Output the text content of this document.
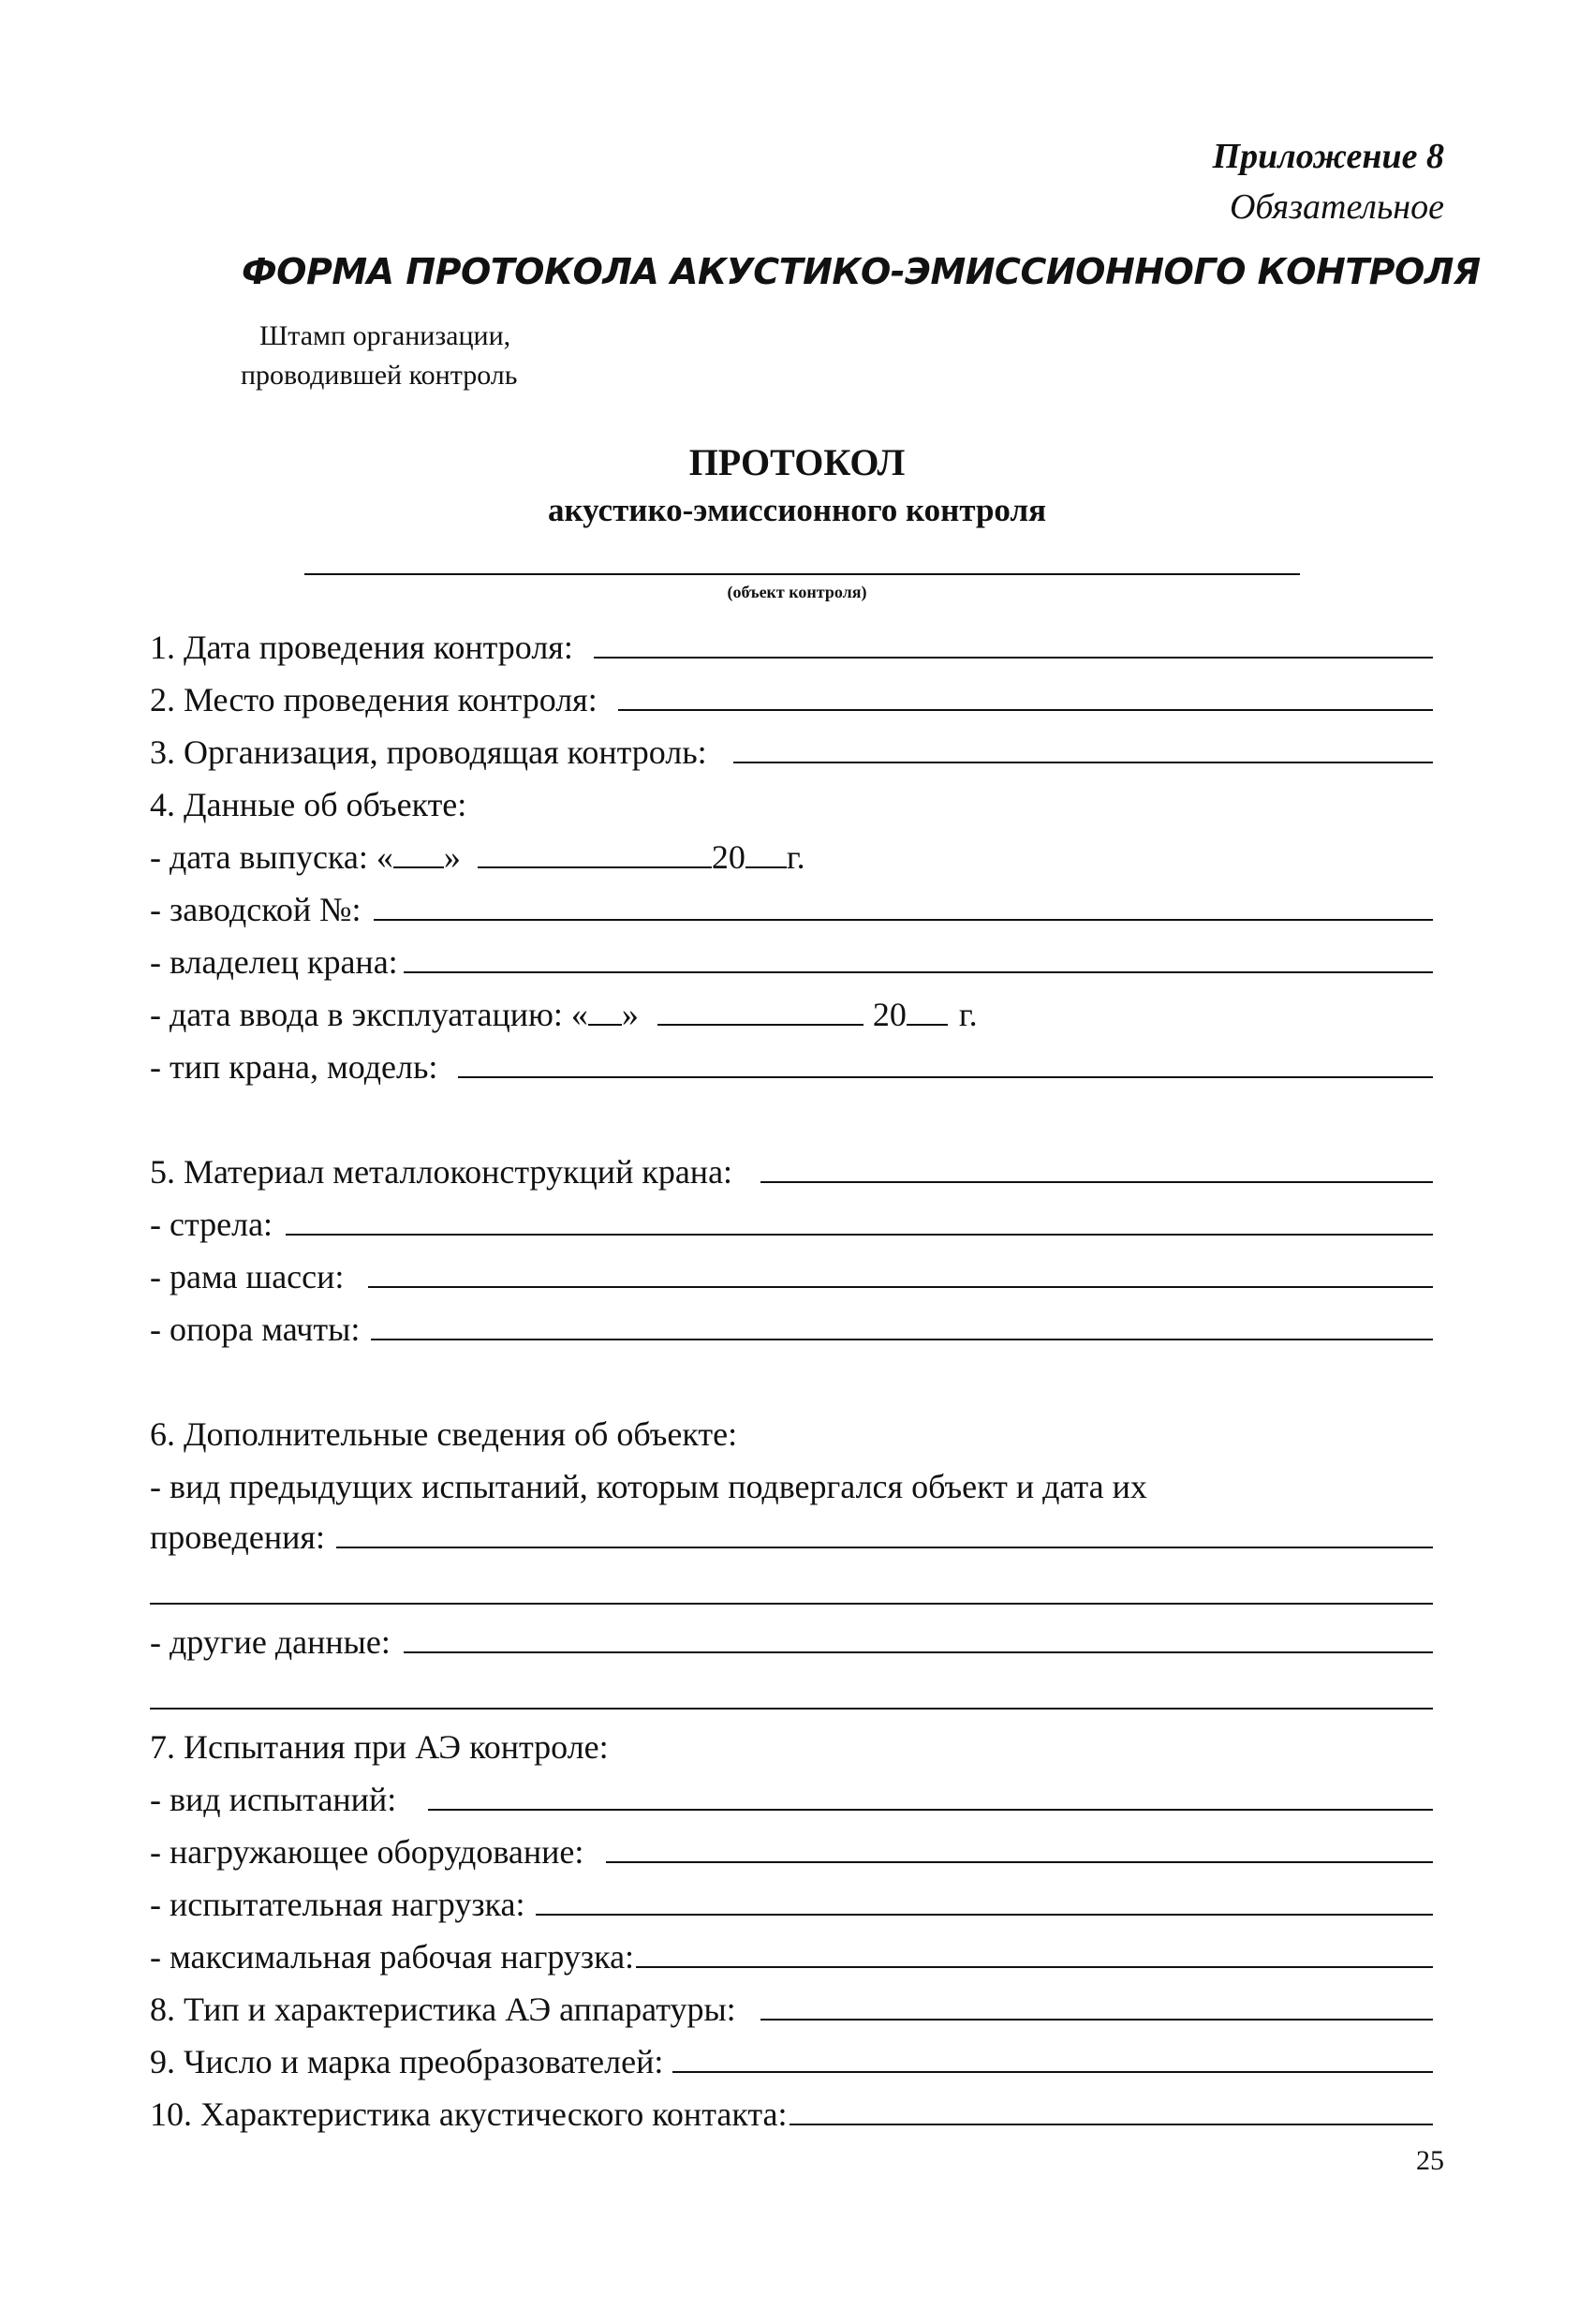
Приложение 8
Обязательное
ФОРМА ПРОТОКОЛА АКУСТИКО-ЭМИССИОННОГО КОНТРОЛЯ
Штамп организации,
проводившей контроль
ПРОТОКОЛ
акустико-эмиссионного контроля
(объект контроля)
1. Дата проведения контроля:
2. Место проведения контроля:
3. Организация, проводящая контроль:
4. Данные об объекте:
- дата выпуска: « »	20 г.
- заводской №:
- владелец крана:
- дата ввода в эксплуатацию: « »	20 г.
- тип крана, модель:
5. Материал металлоконструкций крана:
- стрела:
- рама шасси:
- опора мачты:
6. Дополнительные сведения об объекте:
- вид предыдущих испытаний, которым подвергался объект и дата их
проведения:
- другие данные:
7. Испытания при АЭ контроле:
- вид испытаний:
- нагружающее оборудование:
- испытательная нагрузка:
- максимальная рабочая нагрузка:
8. Тип и характеристика АЭ аппаратуры:
9. Число и марка преобразователей:
10. Характеристика акустического контакта:
25
